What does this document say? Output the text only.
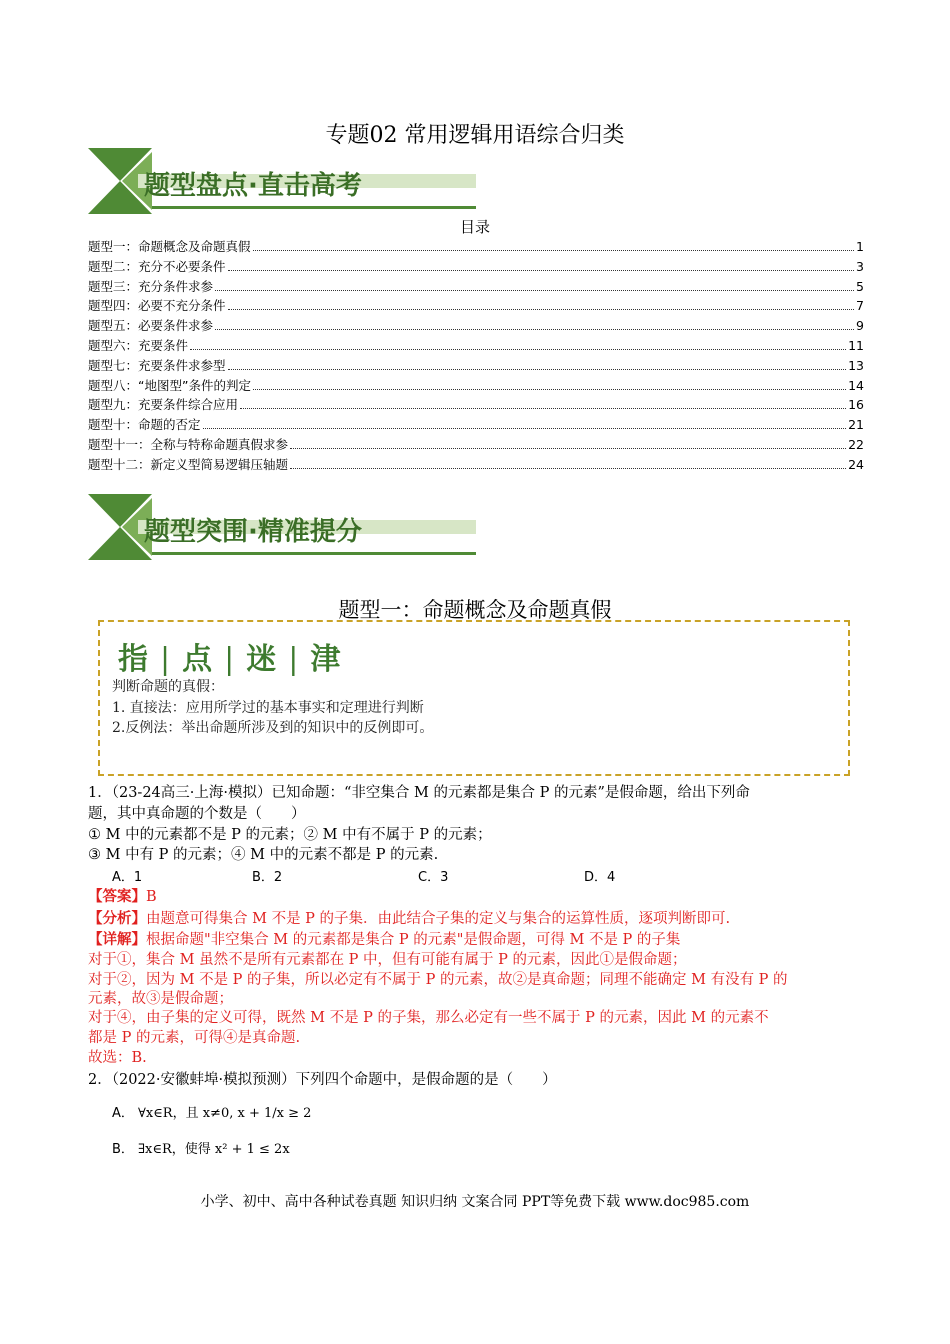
专题02 常用逻辑用语综合归类
题型盘点·直击高考
目录
题型一：命题概念及命题真假	1
题型二：充分不必要条件	3
题型三：充分条件求参	5
题型四：必要不充分条件	7
题型五：必要条件求参	9
题型六：充要条件	11
题型七：充要条件求参型	13
题型八：“地图型”条件的判定	14
题型九：充要条件综合应用	16
题型十：命题的否定	21
题型十一：全称与特称命题真假求参	22
题型十二：新定义型简易逻辑压轴题	24
题型突围·精准提分
题型一：命题概念及命题真假
指 | 点 | 迷 | 津
判断命题的真假：
1. 直接法：应用所学过的基本事实和定理进行判断
2.反例法：举出命题所涉及到的知识中的反例即可。
1．（23-24高三·上海·模拟）已知命题：“非空集合 M 的元素都是集合 P 的元素”是假命题，给出下列命
题，其中真命题的个数是（　　）
① M 中的元素都不是 P 的元素；② M 中有不属于 P 的元素；
③ M 中有 P 的元素；④ M 中的元素不都是 P 的元素.
A．1	B．2	C．3	D．4
【答案】B
【分析】由题意可得集合 M 不是 P 的子集．由此结合子集的定义与集合的运算性质，逐项判断即可.
【详解】根据命题"非空集合 M 的元素都是集合 P 的元素"是假命题，可得 M 不是 P 的子集
对于①，集合 M 虽然不是所有元素都在 P 中，但有可能有属于 P 的元素，因此①是假命题；
对于②，因为 M 不是 P 的子集，所以必定有不属于 P 的元素，故②是真命题；同理不能确定 M 有没有 P 的
元素，故③是假命题；
对于④，由子集的定义可得，既然 M 不是 P 的子集，那么必定有一些不属于 P 的元素，因此 M 的元素不
都是 P 的元素，可得④是真命题.
故选：B.
2．（2022·安徽蚌埠·模拟预测）下列四个命题中，是假命题的是（　　）
A． ∀x∈R，且 x≠0, x + 1/x ≥ 2
B． ∃x∈R，使得 x² + 1 ≤ 2x
小学、初中、高中各种试卷真题 知识归纳 文案合同 PPT等免费下载 www.doc985.com
